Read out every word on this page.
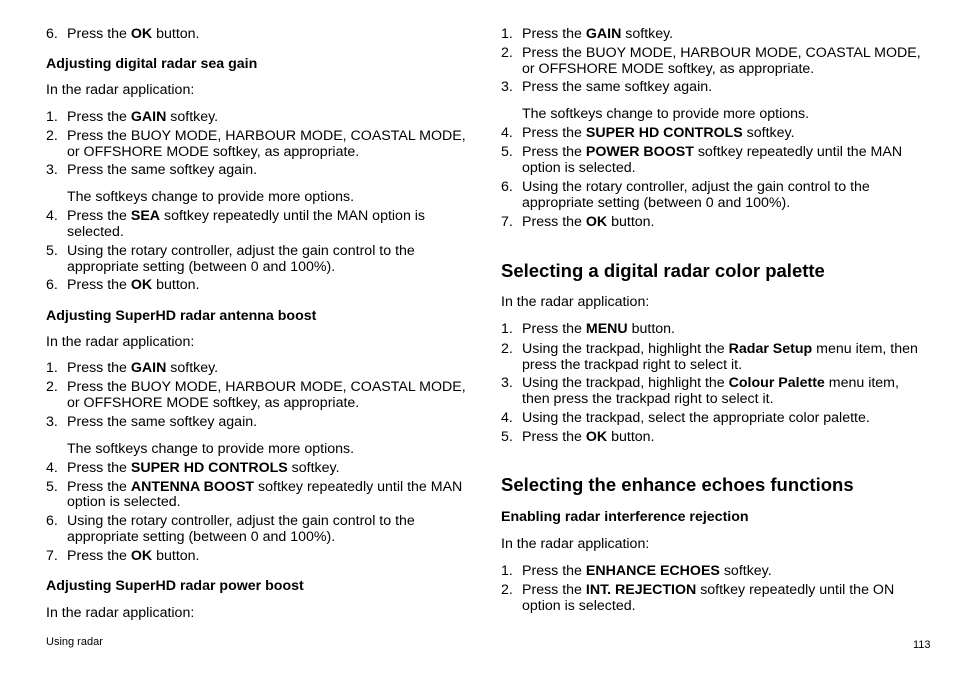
6. Press the OK button.
Adjusting digital radar sea gain
In the radar application:
1. Press the GAIN softkey.
2. Press the BUOY MODE, HARBOUR MODE, COASTAL MODE,
or OFFSHORE MODE softkey, as appropriate.
3. Press the same softkey again.
The softkeys change to provide more options.
4. Press the SEA softkey repeatedly until the MAN option is
selected.
5. Using the rotary controller, adjust the gain control to the
appropriate setting (between 0 and 100%).
6. Press the OK button.
Adjusting SuperHD radar antenna boost
In the radar application:
1. Press the GAIN softkey.
2. Press the BUOY MODE, HARBOUR MODE, COASTAL MODE,
or OFFSHORE MODE softkey, as appropriate.
3. Press the same softkey again.
The softkeys change to provide more options.
4. Press the SUPER HD CONTROLS softkey.
5. Press the ANTENNA BOOST softkey repeatedly until the MAN
option is selected.
6. Using the rotary controller, adjust the gain control to the
appropriate setting (between 0 and 100%).
7. Press the OK button.
Adjusting SuperHD radar power boost
In the radar application:
Using radar
1. Press the GAIN softkey.
2. Press the BUOY MODE, HARBOUR MODE, COASTAL MODE,
or OFFSHORE MODE softkey, as appropriate.
3. Press the same softkey again.
The softkeys change to provide more options.
4. Press the SUPER HD CONTROLS softkey.
5. Press the POWER BOOST softkey repeatedly until the MAN
option is selected.
6. Using the rotary controller, adjust the gain control to the
appropriate setting (between 0 and 100%).
7. Press the OK button.
Selecting a digital radar color palette
In the radar application:
1. Press the MENU button.
2. Using the trackpad, highlight the Radar Setup menu item, then
press the trackpad right to select it.
3. Using the trackpad, highlight the Colour Palette menu item,
then press the trackpad right to select it.
4. Using the trackpad, select the appropriate color palette.
5. Press the OK button.
Selecting the enhance echoes functions
Enabling radar interference rejection
In the radar application:
1. Press the ENHANCE ECHOES softkey.
2. Press the INT. REJECTION softkey repeatedly until the ON
option is selected.
113
